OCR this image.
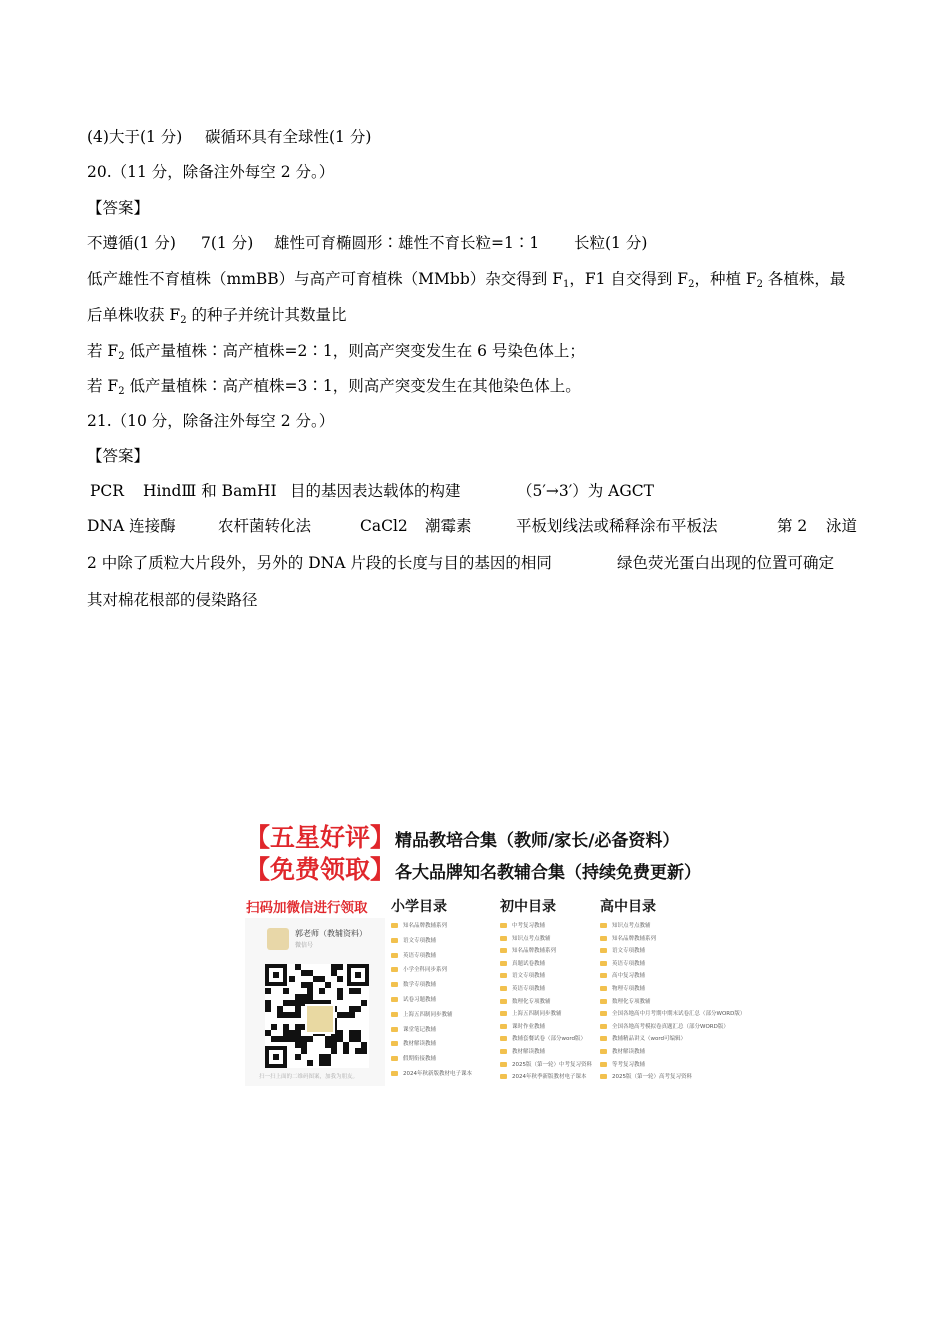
(4)大于(1 分) 碳循环具有全球性(1 分)
20.（11 分，除备注外每空 2 分。）
【答案】
不遵循(1 分) 7(1 分) 雄性可育椭圆形∶雄性不育长粒=1∶1 长粒(1 分)
低产雄性不育植株（mmBB）与高产可育植株（MMbb）杂交得到 $F_1$，F1 自交得到 $F_2$，种植 $F_2$ 各植株，最
后单株收获 $F_2$ 的种子并统计其数量比
若 $F_2$ 低产量植株∶高产植株=2∶1，则高产突变发生在 6 号染色体上；
若 $F_2$ 低产量植株∶高产植株=3∶1，则高产突变发生在其他染色体上。
21.（10 分，除备注外每空 2 分。）
【答案】
PCR HindⅢ 和 BamHⅠ 目的基因表达载体的构建	（5′→3′）为 AGCT
DNA 连接酶	农杆菌转化法	CaCl2 潮霉素	平板划线法或稀释涂布平板法	第 2 泳道
2 中除了质粒大片段外，另外的 DNA 片段的长度与目的基因的相同	绿色荧光蛋白出现的位置可确定
其对棉花根部的侵染路径
【五星好评】精品教培合集（教师/家长/必备资料）
【免费领取】各大品牌知名教辅合集（持续免费更新）
扫码加微信进行领取
郭老师（教辅资料）
微信号
扫一扫上面的二维码图案，加我为朋友。
小学目录
知名品牌教辅系列
语文专项教辅
英语专项教辅
小学全科同步系列
数学专项教辅
试卷习题教辅
上海五四制同步教辅
课堂笔记教辅
教材解读教辅
假期衔接教辅
2024年秋新版教材电子课本
初中目录
中考复习教辅
知识点考点教辅
知名品牌教辅系列
真题试卷教辅
语文专项教辅
英语专项教辅
数理化专项教辅
上海五四制同步教辅
课时作业教辅
教辅套餐试卷（部分word版）
教材解读教辅
2025版（第一轮）中考复习资料
2024年秋季新版教材电子课本
高中目录
知识点考点教辅
知名品牌教辅系列
语文专项教辅
英语专项教辅
高中复习教辅
物理专项教辅
数理化专项教辅
全国各地高中月考期中期末试卷汇总（部分WORD版）
全国各地高考模拟卷真题汇总（部分WORD版）
教辅精品讲义（word可编辑）
教材解读教辅
等考复习教辅
2025版（第一轮）高考复习资料
